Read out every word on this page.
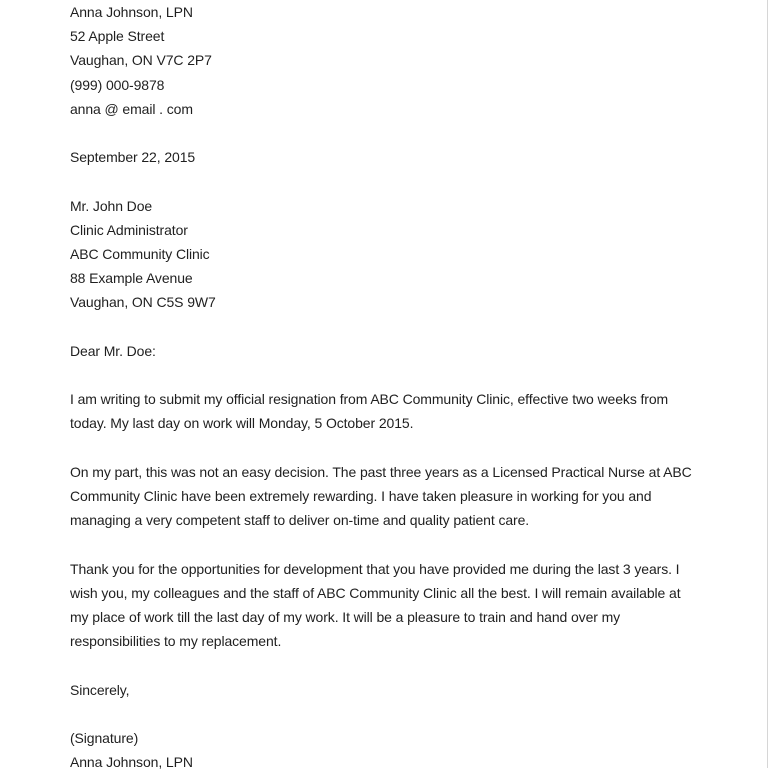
Anna Johnson, LPN
52 Apple Street
Vaughan, ON V7C 2P7
(999) 000-9878
anna @ email . com
September 22, 2015
Mr. John Doe
Clinic Administrator
ABC Community Clinic
88 Example Avenue
Vaughan, ON C5S 9W7
Dear Mr. Doe:
I am writing to submit my official resignation from ABC Community Clinic, effective two weeks from
today. My last day on work will Monday, 5 October 2015.
On my part, this was not an easy decision. The past three years as a Licensed Practical Nurse at ABC
Community Clinic have been extremely rewarding. I have taken pleasure in working for you and
managing a very competent staff to deliver on-time and quality patient care.
Thank you for the opportunities for development that you have provided me during the last 3 years. I
wish you, my colleagues and the staff of ABC Community Clinic all the best. I will remain available at
my place of work till the last day of my work. It will be a pleasure to train and hand over my
responsibilities to my replacement.
Sincerely,
(Signature)
Anna Johnson, LPN
